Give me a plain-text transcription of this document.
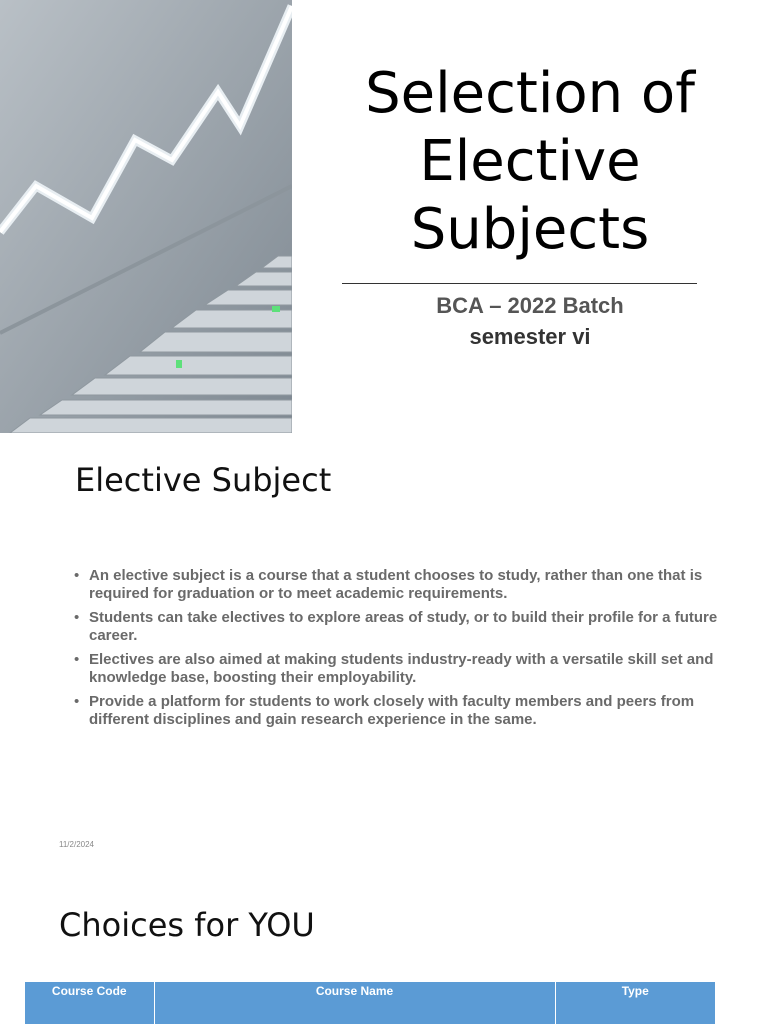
Selection of Elective Subjects
BCA – 2022 Batch
semester vi
Elective Subject
• An elective subject is a course that a student chooses to study, rather than one that is required for graduation or to meet academic requirements.
• Students can take electives to explore areas of study, or to build their profile for a future career.
• Electives are also aimed at making students industry-ready with a versatile skill set and knowledge base, boosting their employability.
• Provide a platform for students to work closely with faculty members and peers from different disciplines and gain research experience in the same.
11/2/2024
Choices for YOU
Course Code	Course Name	Type
